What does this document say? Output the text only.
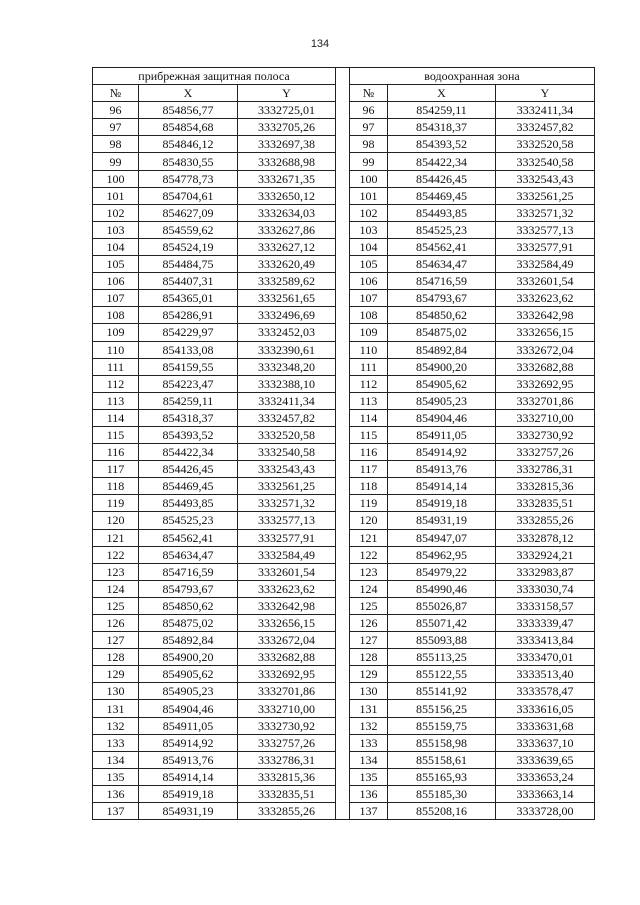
134
прибрежная защитная полоса				водоохранная зона		
№	X	Y		№	X	Y
96	854856,77	3332725,01		96	854259,11	3332411,34
97	854854,68	3332705,26		97	854318,37	3332457,82
98	854846,12	3332697,38		98	854393,52	3332520,58
99	854830,55	3332688,98		99	854422,34	3332540,58
100	854778,73	3332671,35		100	854426,45	3332543,43
101	854704,61	3332650,12		101	854469,45	3332561,25
102	854627,09	3332634,03		102	854493,85	3332571,32
103	854559,62	3332627,86		103	854525,23	3332577,13
104	854524,19	3332627,12		104	854562,41	3332577,91
105	854484,75	3332620,49		105	854634,47	3332584,49
106	854407,31	3332589,62		106	854716,59	3332601,54
107	854365,01	3332561,65		107	854793,67	3332623,62
108	854286,91	3332496,69		108	854850,62	3332642,98
109	854229,97	3332452,03		109	854875,02	3332656,15
110	854133,08	3332390,61		110	854892,84	3332672,04
111	854159,55	3332348,20		111	854900,20	3332682,88
112	854223,47	3332388,10		112	854905,62	3332692,95
113	854259,11	3332411,34		113	854905,23	3332701,86
114	854318,37	3332457,82		114	854904,46	3332710,00
115	854393,52	3332520,58		115	854911,05	3332730,92
116	854422,34	3332540,58		116	854914,92	3332757,26
117	854426,45	3332543,43		117	854913,76	3332786,31
118	854469,45	3332561,25		118	854914,14	3332815,36
119	854493,85	3332571,32		119	854919,18	3332835,51
120	854525,23	3332577,13		120	854931,19	3332855,26
121	854562,41	3332577,91		121	854947,07	3332878,12
122	854634,47	3332584,49		122	854962,95	3332924,21
123	854716,59	3332601,54		123	854979,22	3332983,87
124	854793,67	3332623,62		124	854990,46	3333030,74
125	854850,62	3332642,98		125	855026,87	3333158,57
126	854875,02	3332656,15		126	855071,42	3333339,47
127	854892,84	3332672,04		127	855093,88	3333413,84
128	854900,20	3332682,88		128	855113,25	3333470,01
129	854905,62	3332692,95		129	855122,55	3333513,40
130	854905,23	3332701,86		130	855141,92	3333578,47
131	854904,46	3332710,00		131	855156,25	3333616,05
132	854911,05	3332730,92		132	855159,75	3333631,68
133	854914,92	3332757,26		133	855158,98	3333637,10
134	854913,76	3332786,31		134	855158,61	3333639,65
135	854914,14	3332815,36		135	855165,93	3333653,24
136	854919,18	3332835,51		136	855185,30	3333663,14
137	854931,19	3332855,26		137	855208,16	3333728,00
